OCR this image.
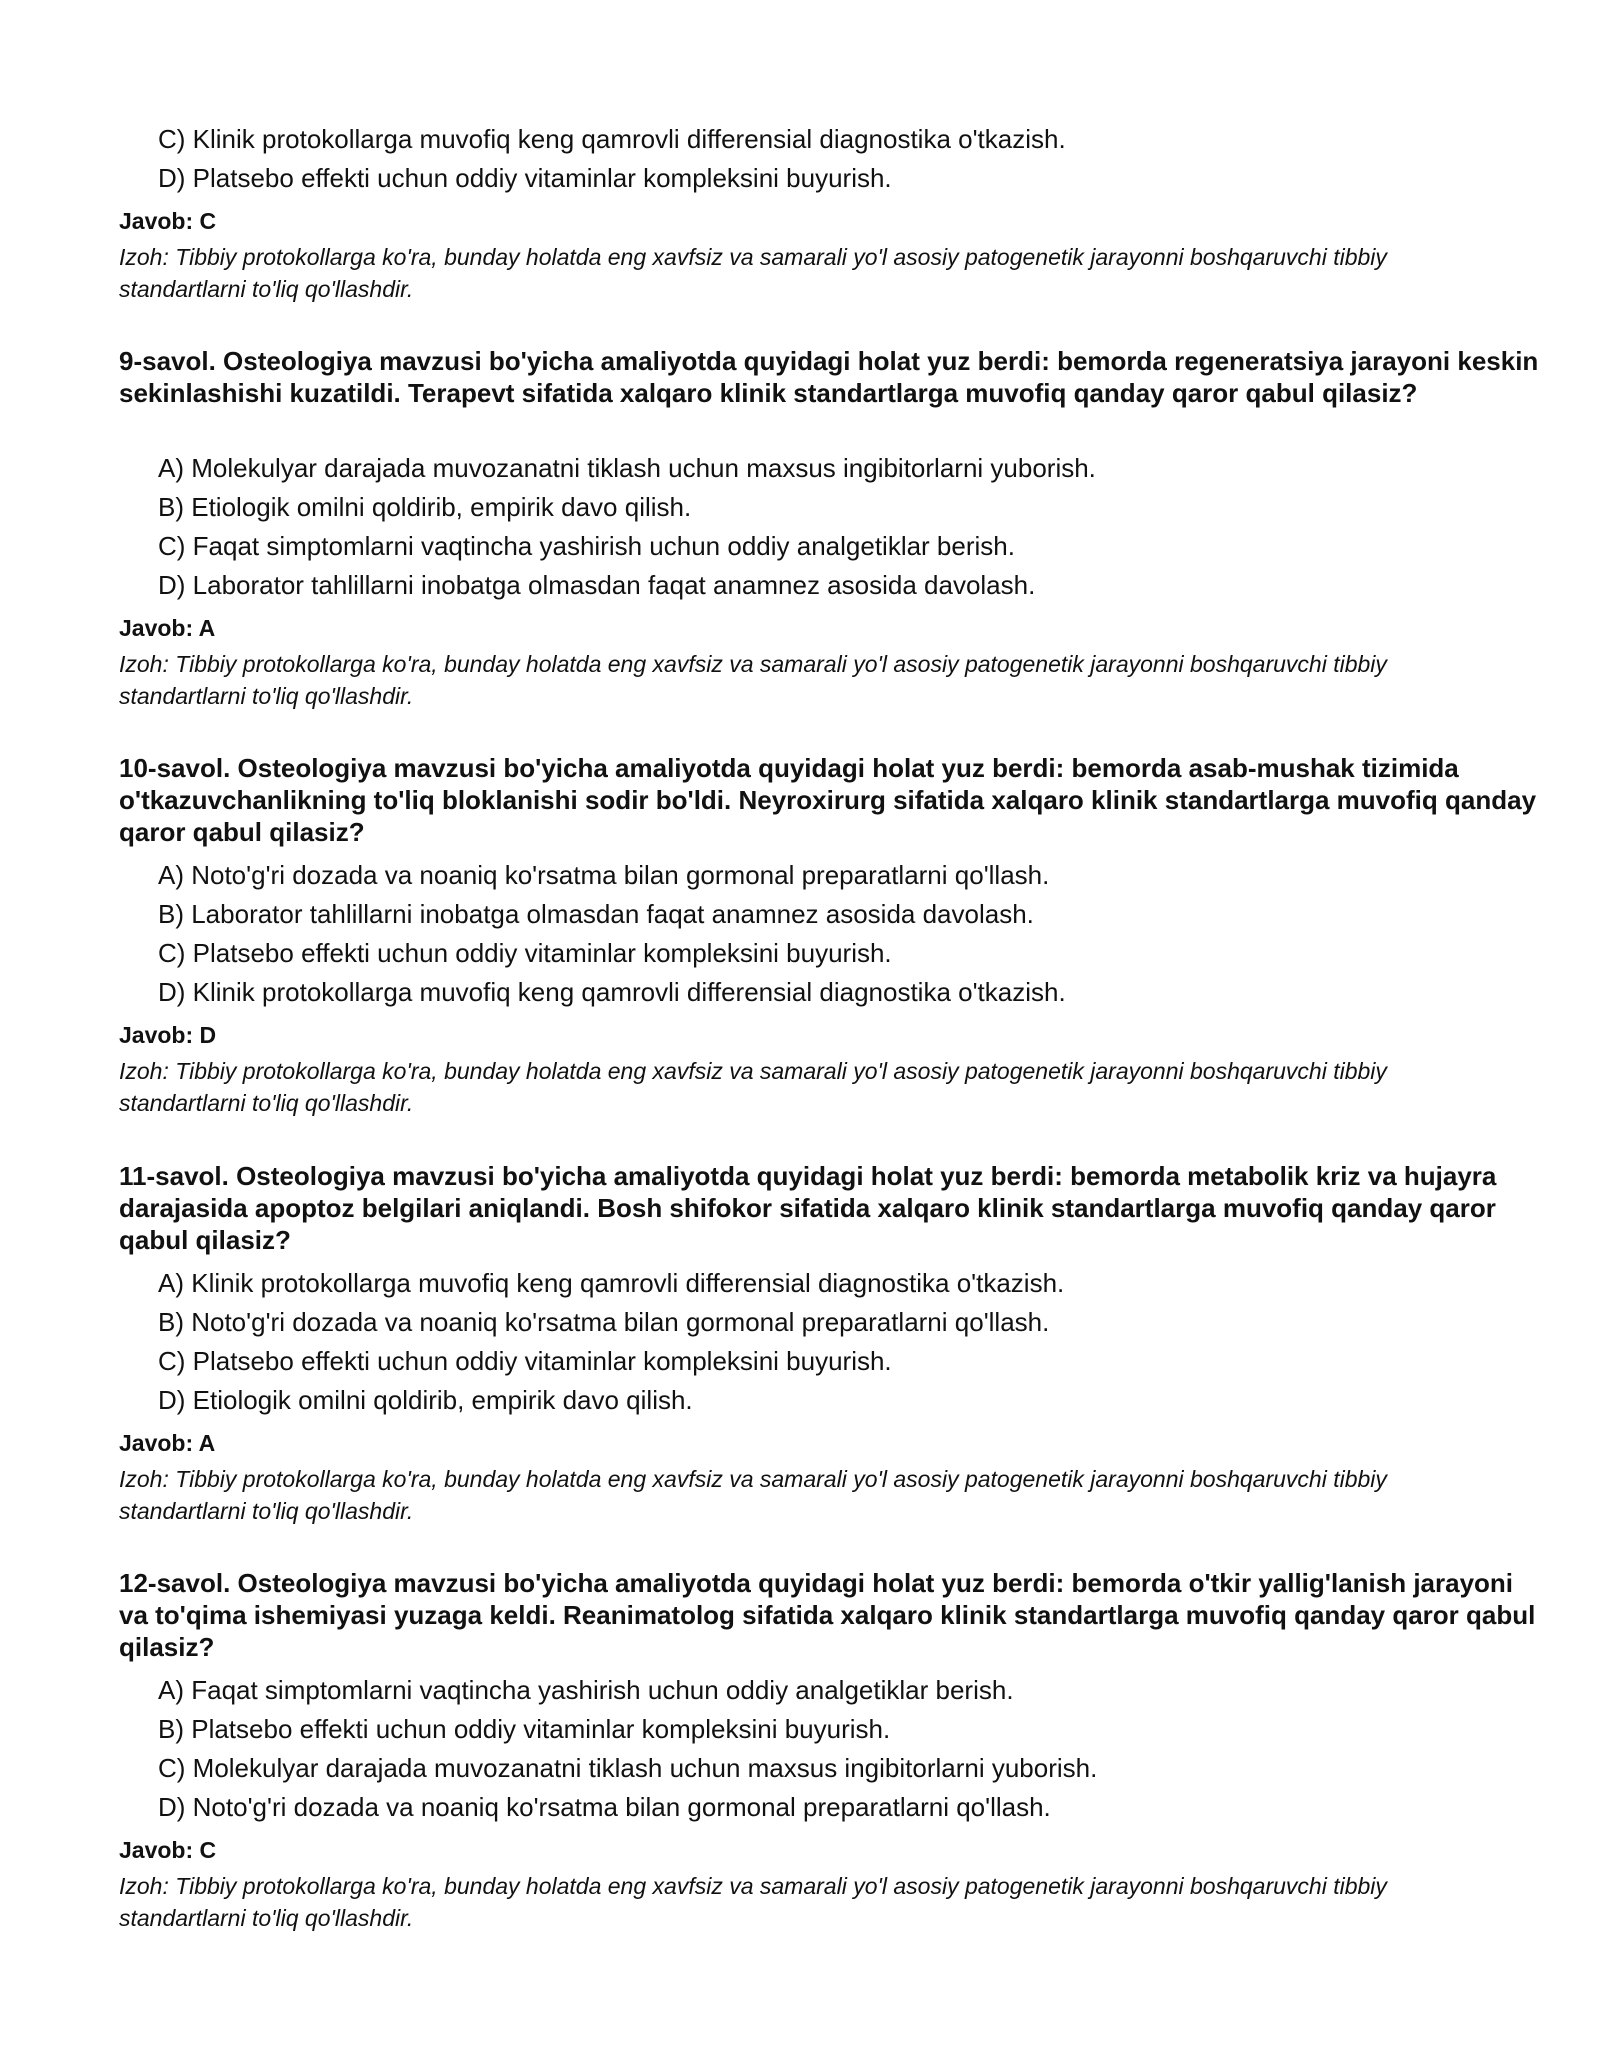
C) Klinik protokollarga muvofiq keng qamrovli differensial diagnostika o'tkazish.
D) Platsebo effekti uchun oddiy vitaminlar kompleksini buyurish.
Javob: C
Izoh: Tibbiy protokollarga ko'ra, bunday holatda eng xavfsiz va samarali yo'l asosiy patogenetik jarayonni boshqaruvchi tibbiy standartlarni to'liq qo'llashdir.
9-savol. Osteologiya mavzusi bo'yicha amaliyotda quyidagi holat yuz berdi: bemorda regeneratsiya jarayoni keskin sekinlashishi kuzatildi. Terapevt sifatida xalqaro klinik standartlarga muvofiq qanday qaror qabul qilasiz?
A) Molekulyar darajada muvozanatni tiklash uchun maxsus ingibitorlarni yuborish.
B) Etiologik omilni qoldirib, empirik davo qilish.
C) Faqat simptomlarni vaqtincha yashirish uchun oddiy analgetiklar berish.
D) Laborator tahlillarni inobatga olmasdan faqat anamnez asosida davolash.
Javob: A
Izoh: Tibbiy protokollarga ko'ra, bunday holatda eng xavfsiz va samarali yo'l asosiy patogenetik jarayonni boshqaruvchi tibbiy standartlarni to'liq qo'llashdir.
10-savol. Osteologiya mavzusi bo'yicha amaliyotda quyidagi holat yuz berdi: bemorda asab-mushak tizimida o'tkazuvchanlikning to'liq bloklanishi sodir bo'ldi. Neyroxirurg sifatida xalqaro klinik standartlarga muvofiq qanday qaror qabul qilasiz?
A) Noto'g'ri dozada va noaniq ko'rsatma bilan gormonal preparatlarni qo'llash.
B) Laborator tahlillarni inobatga olmasdan faqat anamnez asosida davolash.
C) Platsebo effekti uchun oddiy vitaminlar kompleksini buyurish.
D) Klinik protokollarga muvofiq keng qamrovli differensial diagnostika o'tkazish.
Javob: D
Izoh: Tibbiy protokollarga ko'ra, bunday holatda eng xavfsiz va samarali yo'l asosiy patogenetik jarayonni boshqaruvchi tibbiy standartlarni to'liq qo'llashdir.
11-savol. Osteologiya mavzusi bo'yicha amaliyotda quyidagi holat yuz berdi: bemorda metabolik kriz va hujayra darajasida apoptoz belgilari aniqlandi. Bosh shifokor sifatida xalqaro klinik standartlarga muvofiq qanday qaror qabul qilasiz?
A) Klinik protokollarga muvofiq keng qamrovli differensial diagnostika o'tkazish.
B) Noto'g'ri dozada va noaniq ko'rsatma bilan gormonal preparatlarni qo'llash.
C) Platsebo effekti uchun oddiy vitaminlar kompleksini buyurish.
D) Etiologik omilni qoldirib, empirik davo qilish.
Javob: A
Izoh: Tibbiy protokollarga ko'ra, bunday holatda eng xavfsiz va samarali yo'l asosiy patogenetik jarayonni boshqaruvchi tibbiy standartlarni to'liq qo'llashdir.
12-savol. Osteologiya mavzusi bo'yicha amaliyotda quyidagi holat yuz berdi: bemorda o'tkir yallig'lanish jarayoni va to'qima ishemiyasi yuzaga keldi. Reanimatolog sifatida xalqaro klinik standartlarga muvofiq qanday qaror qabul qilasiz?
A) Faqat simptomlarni vaqtincha yashirish uchun oddiy analgetiklar berish.
B) Platsebo effekti uchun oddiy vitaminlar kompleksini buyurish.
C) Molekulyar darajada muvozanatni tiklash uchun maxsus ingibitorlarni yuborish.
D) Noto'g'ri dozada va noaniq ko'rsatma bilan gormonal preparatlarni qo'llash.
Javob: C
Izoh: Tibbiy protokollarga ko'ra, bunday holatda eng xavfsiz va samarali yo'l asosiy patogenetik jarayonni boshqaruvchi tibbiy standartlarni to'liq qo'llashdir.
